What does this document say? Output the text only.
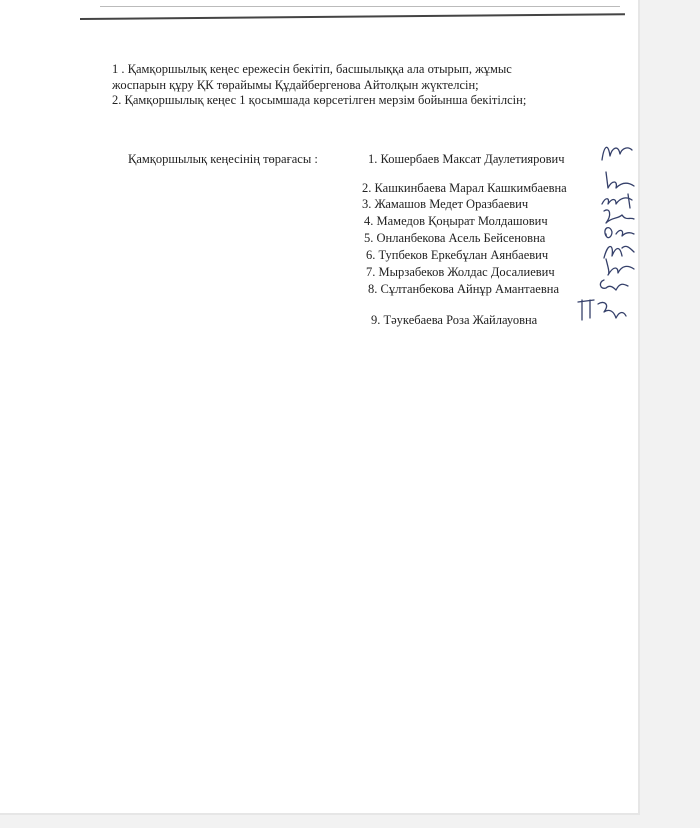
1 . Қамқоршылық кеңес ережесін бекітіп, басшылыққа ала отырып, жұмыс
жоспарын құру ҚК төрайымы Құдайбергенова Айтолқын жүктелсін;
2. Қамқоршылық кеңес 1 қосымшада көрсетілген мерзім бойынша бекітілсін;
Қамқоршылық кеңесінің төрағасы :	1. Кошербаев Максат Даулетиярович
2. Кашкинбаева Марал Кашкимбаевна
3. Жамашов Медет Оразбаевич
4. Мамедов Қоңырат Молдашович
5. Онланбекова Асель Бейсеновна
6. Тупбеков Еркебұлан Аянбаевич
7. Мырзабеков Жолдас Досалиевич
8. Сұлтанбекова Айнұр Амантаевна
9. Тәукебаева Роза Жайлауовна
